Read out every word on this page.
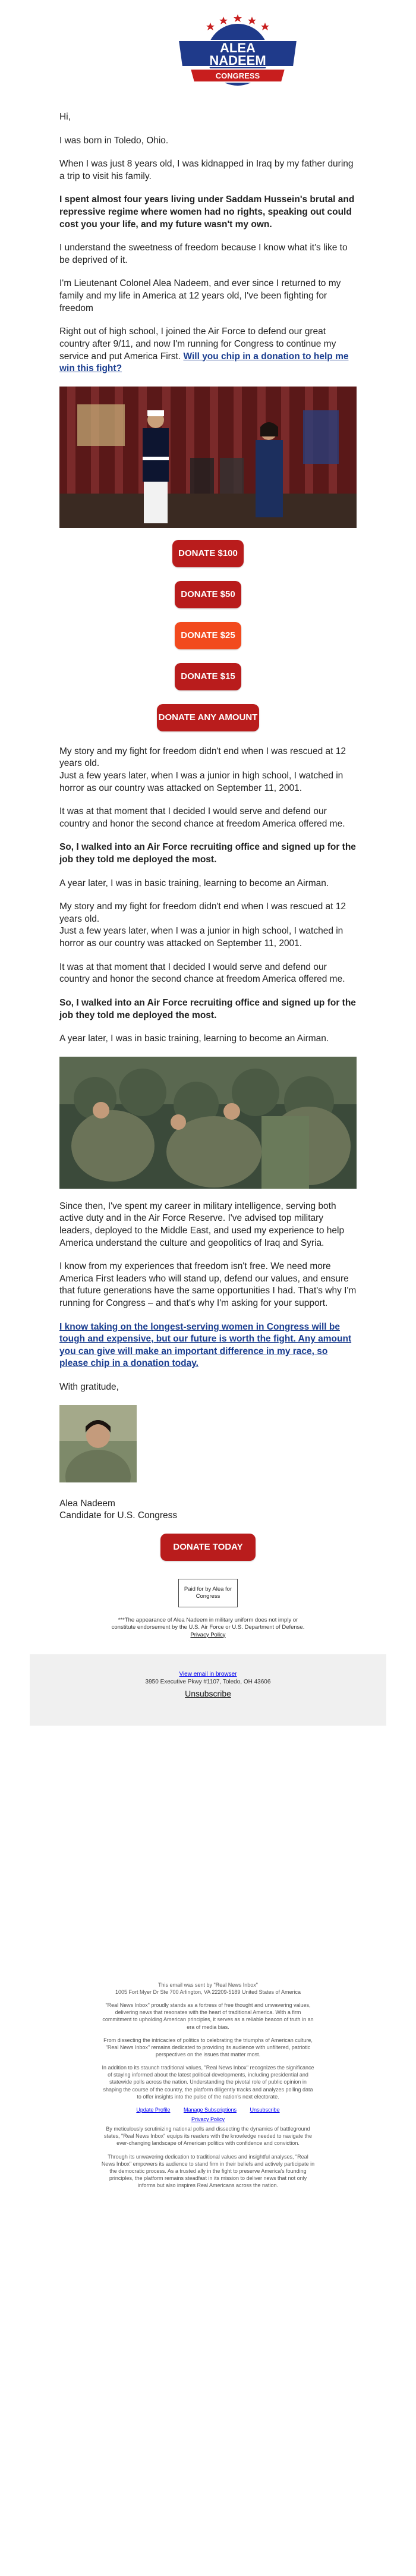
ALEA
NADEEM
CONGRESS

Hi,

I was born in Toledo, Ohio.

When I was just 8 years old, I was kidnapped in Iraq by my father during a trip to visit his family.

I spent almost four years living under Saddam Hussein's brutal and repressive regime where women had no rights, speaking out could cost you your life, and my future wasn't my own.

I understand the sweetness of freedom because I know what it's like to be deprived of it.

I'm Lieutenant Colonel Alea Nadeem, and ever since I returned to my family and my life in America at 12 years old, I've been fighting for freedom

Right out of high school, I joined the Air Force to defend our great country after 9/11, and now I'm running for Congress to continue my service and put America First. Will you chip in a donation to help me win this fight?

DONATE $100
DONATE $50
DONATE $25
DONATE $15
DONATE ANY AMOUNT

My story and my fight for freedom didn't end when I was rescued at 12 years old.

Just a few years later, when I was a junior in high school, I watched in horror as our country was attacked on September 11, 2001.

It was at that moment that I decided I would serve and defend our country and honor the second chance at freedom America offered me.

So, I walked into an Air Force recruiting office and signed up for the job they told me deployed the most.

A year later, I was in basic training, learning to become an Airman.

My story and my fight for freedom didn't end when I was rescued at 12 years old.

Just a few years later, when I was a junior in high school, I watched in horror as our country was attacked on September 11, 2001.

It was at that moment that I decided I would serve and defend our country and honor the second chance at freedom America offered me.

So, I walked into an Air Force recruiting office and signed up for the job they told me deployed the most.

A year later, I was in basic training, learning to become an Airman.

Since then, I've spent my career in military intelligence, serving both active duty and in the Air Force Reserve. I've advised top military leaders, deployed to the Middle East, and used my experience to help America understand the culture and geopolitics of Iraq and Syria.

I know from my experiences that freedom isn't free. We need more America First leaders who will stand up, defend our values, and ensure that future generations have the same opportunities I had. That's why I'm running for Congress – and that's why I'm asking for your support.

I know taking on the longest-serving women in Congress will be tough and expensive, but our future is worth the fight. Any amount you can give will make an important difference in my race, so please chip in a donation today.

With gratitude,

Alea Nadeem

Candidate for U.S. Congress

DONATE TODAY
Paid for by Alea for Congress

***The appearance of Alea Nadeem in military uniform does not imply or constitute endorsement by the U.S. Air Force or U.S. Department of Defense.

Privacy Policy
View email in browser
3950 Executive Pkwy #1107, Toledo, OH 43606
Unsubscribe

This email was sent by "Real News Inbox"
1005 Fort Myer Dr Ste 700 Arlington, VA 22209-5189 United States of America

"Real News Inbox" proudly stands as a fortress of free thought and unwavering values, delivering news that resonates with the heart of traditional America. With a firm commitment to upholding American principles, it serves as a reliable beacon of truth in an era of media bias.

From dissecting the intricacies of politics to celebrating the triumphs of American culture, "Real News Inbox" remains dedicated to providing its audience with unfiltered, patriotic perspectives on the issues that matter most.

In addition to its staunch traditional values, "Real News Inbox" recognizes the significance of staying informed about the latest political developments, including presidential and statewide polls across the nation. Understanding the pivotal role of public opinion in shaping the course of the country, the platform diligently tracks and analyzes polling data to offer insights into the pulse of the nation's next electorate.

Update Profile	Manage Subscriptions	Unsubscribe
Privacy Policy

By meticulously scrutinizing national polls and dissecting the dynamics of battleground states, "Real News Inbox" equips its readers with the knowledge needed to navigate the ever-changing landscape of American politics with confidence and conviction.

Through its unwavering dedication to traditional values and insightful analyses, "Real News Inbox" empowers its audience to stand firm in their beliefs and actively participate in the democratic process. As a trusted ally in the fight to preserve America's founding principles, the platform remains steadfast in its mission to deliver news that not only informs but also inspires Real Americans across the nation.
